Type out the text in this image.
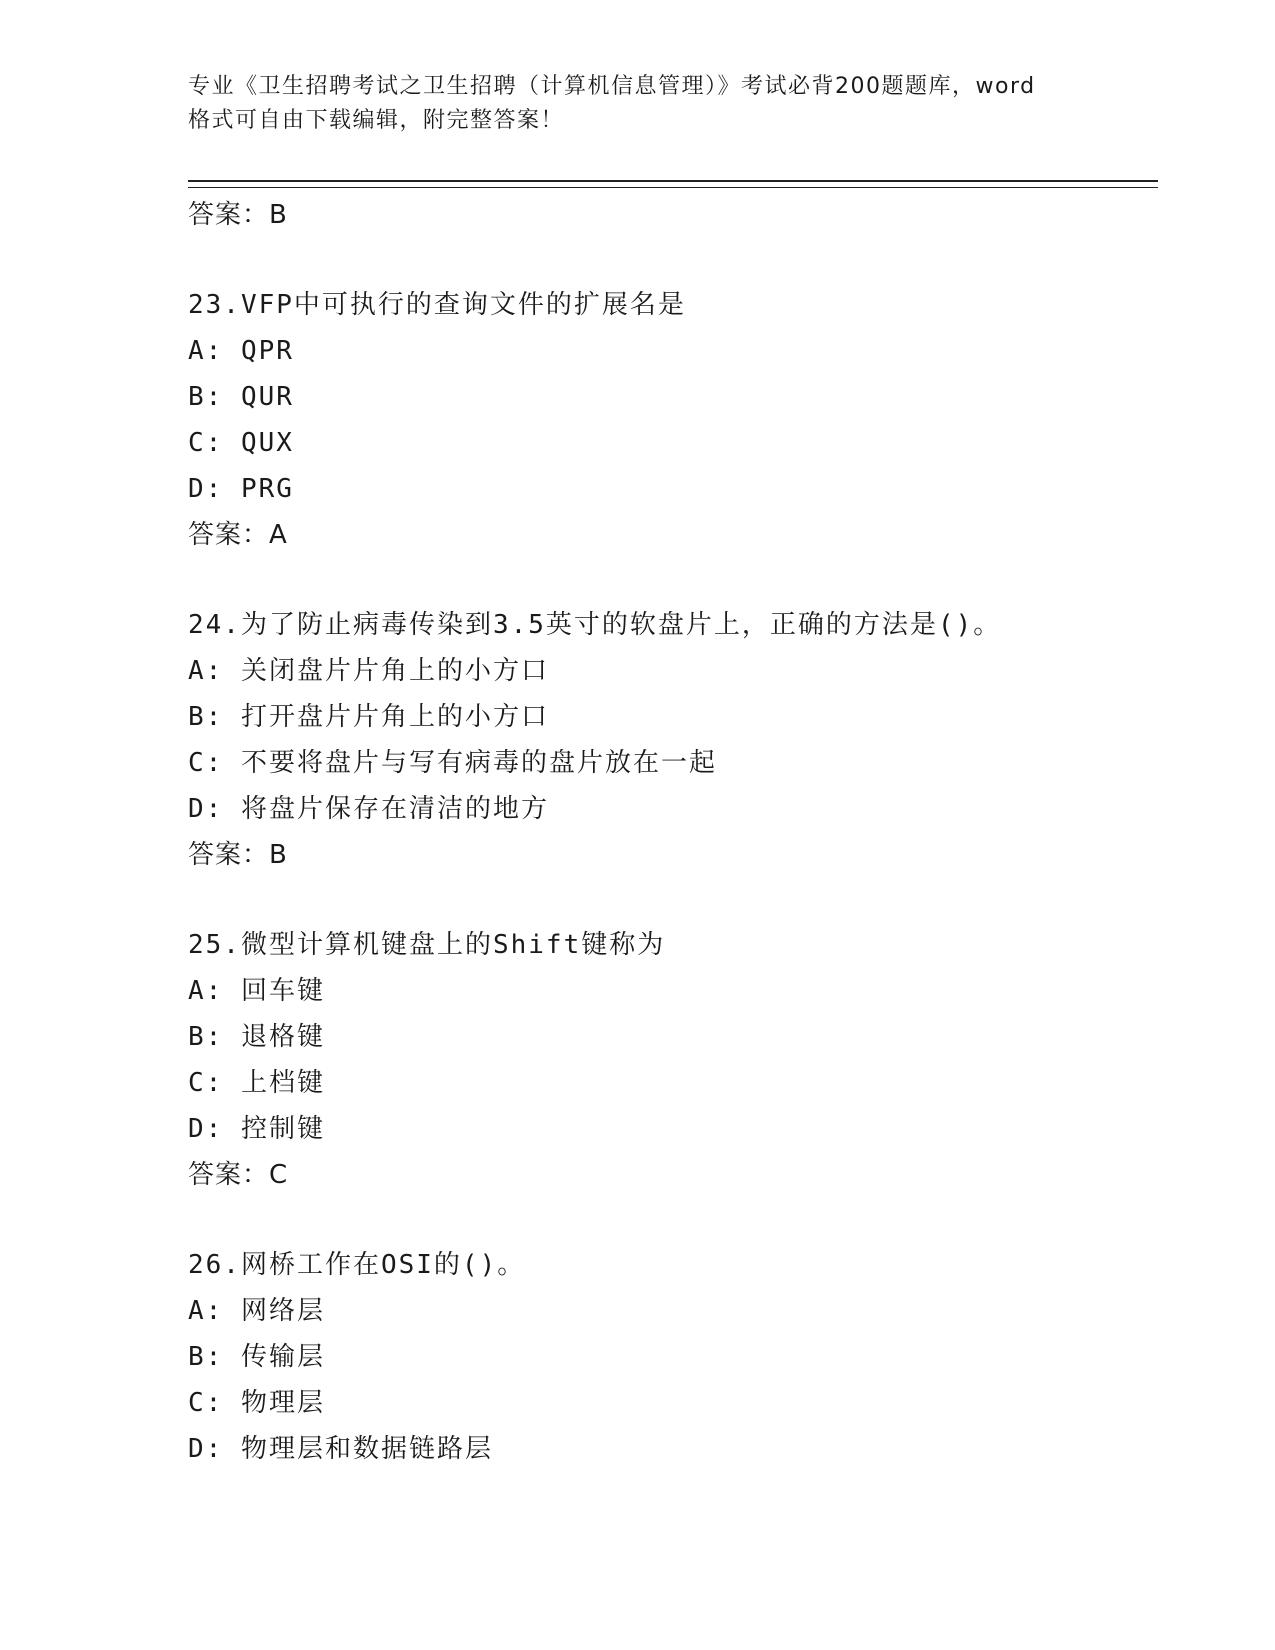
专业《卫生招聘考试之卫生招聘（计算机信息管理）》考试必背200题题库，word

格式可自由下载编辑，附完整答案！

答案：B

23.VFP中可执行的查询文件的扩展名是

A: QPR

B: QUR

C: QUX

D: PRG

答案：A

24.为了防止病毒传染到3.5英寸的软盘片上，正确的方法是()。

A: 关闭盘片片角上的小方口

B: 打开盘片片角上的小方口

C: 不要将盘片与写有病毒的盘片放在一起

D: 将盘片保存在清洁的地方

答案：B

25.微型计算机键盘上的Shift键称为

A: 回车键

B: 退格键

C: 上档键

D: 控制键

答案：C

26.网桥工作在OSI的()。

A: 网络层

B: 传输层

C: 物理层

D: 物理层和数据链路层
